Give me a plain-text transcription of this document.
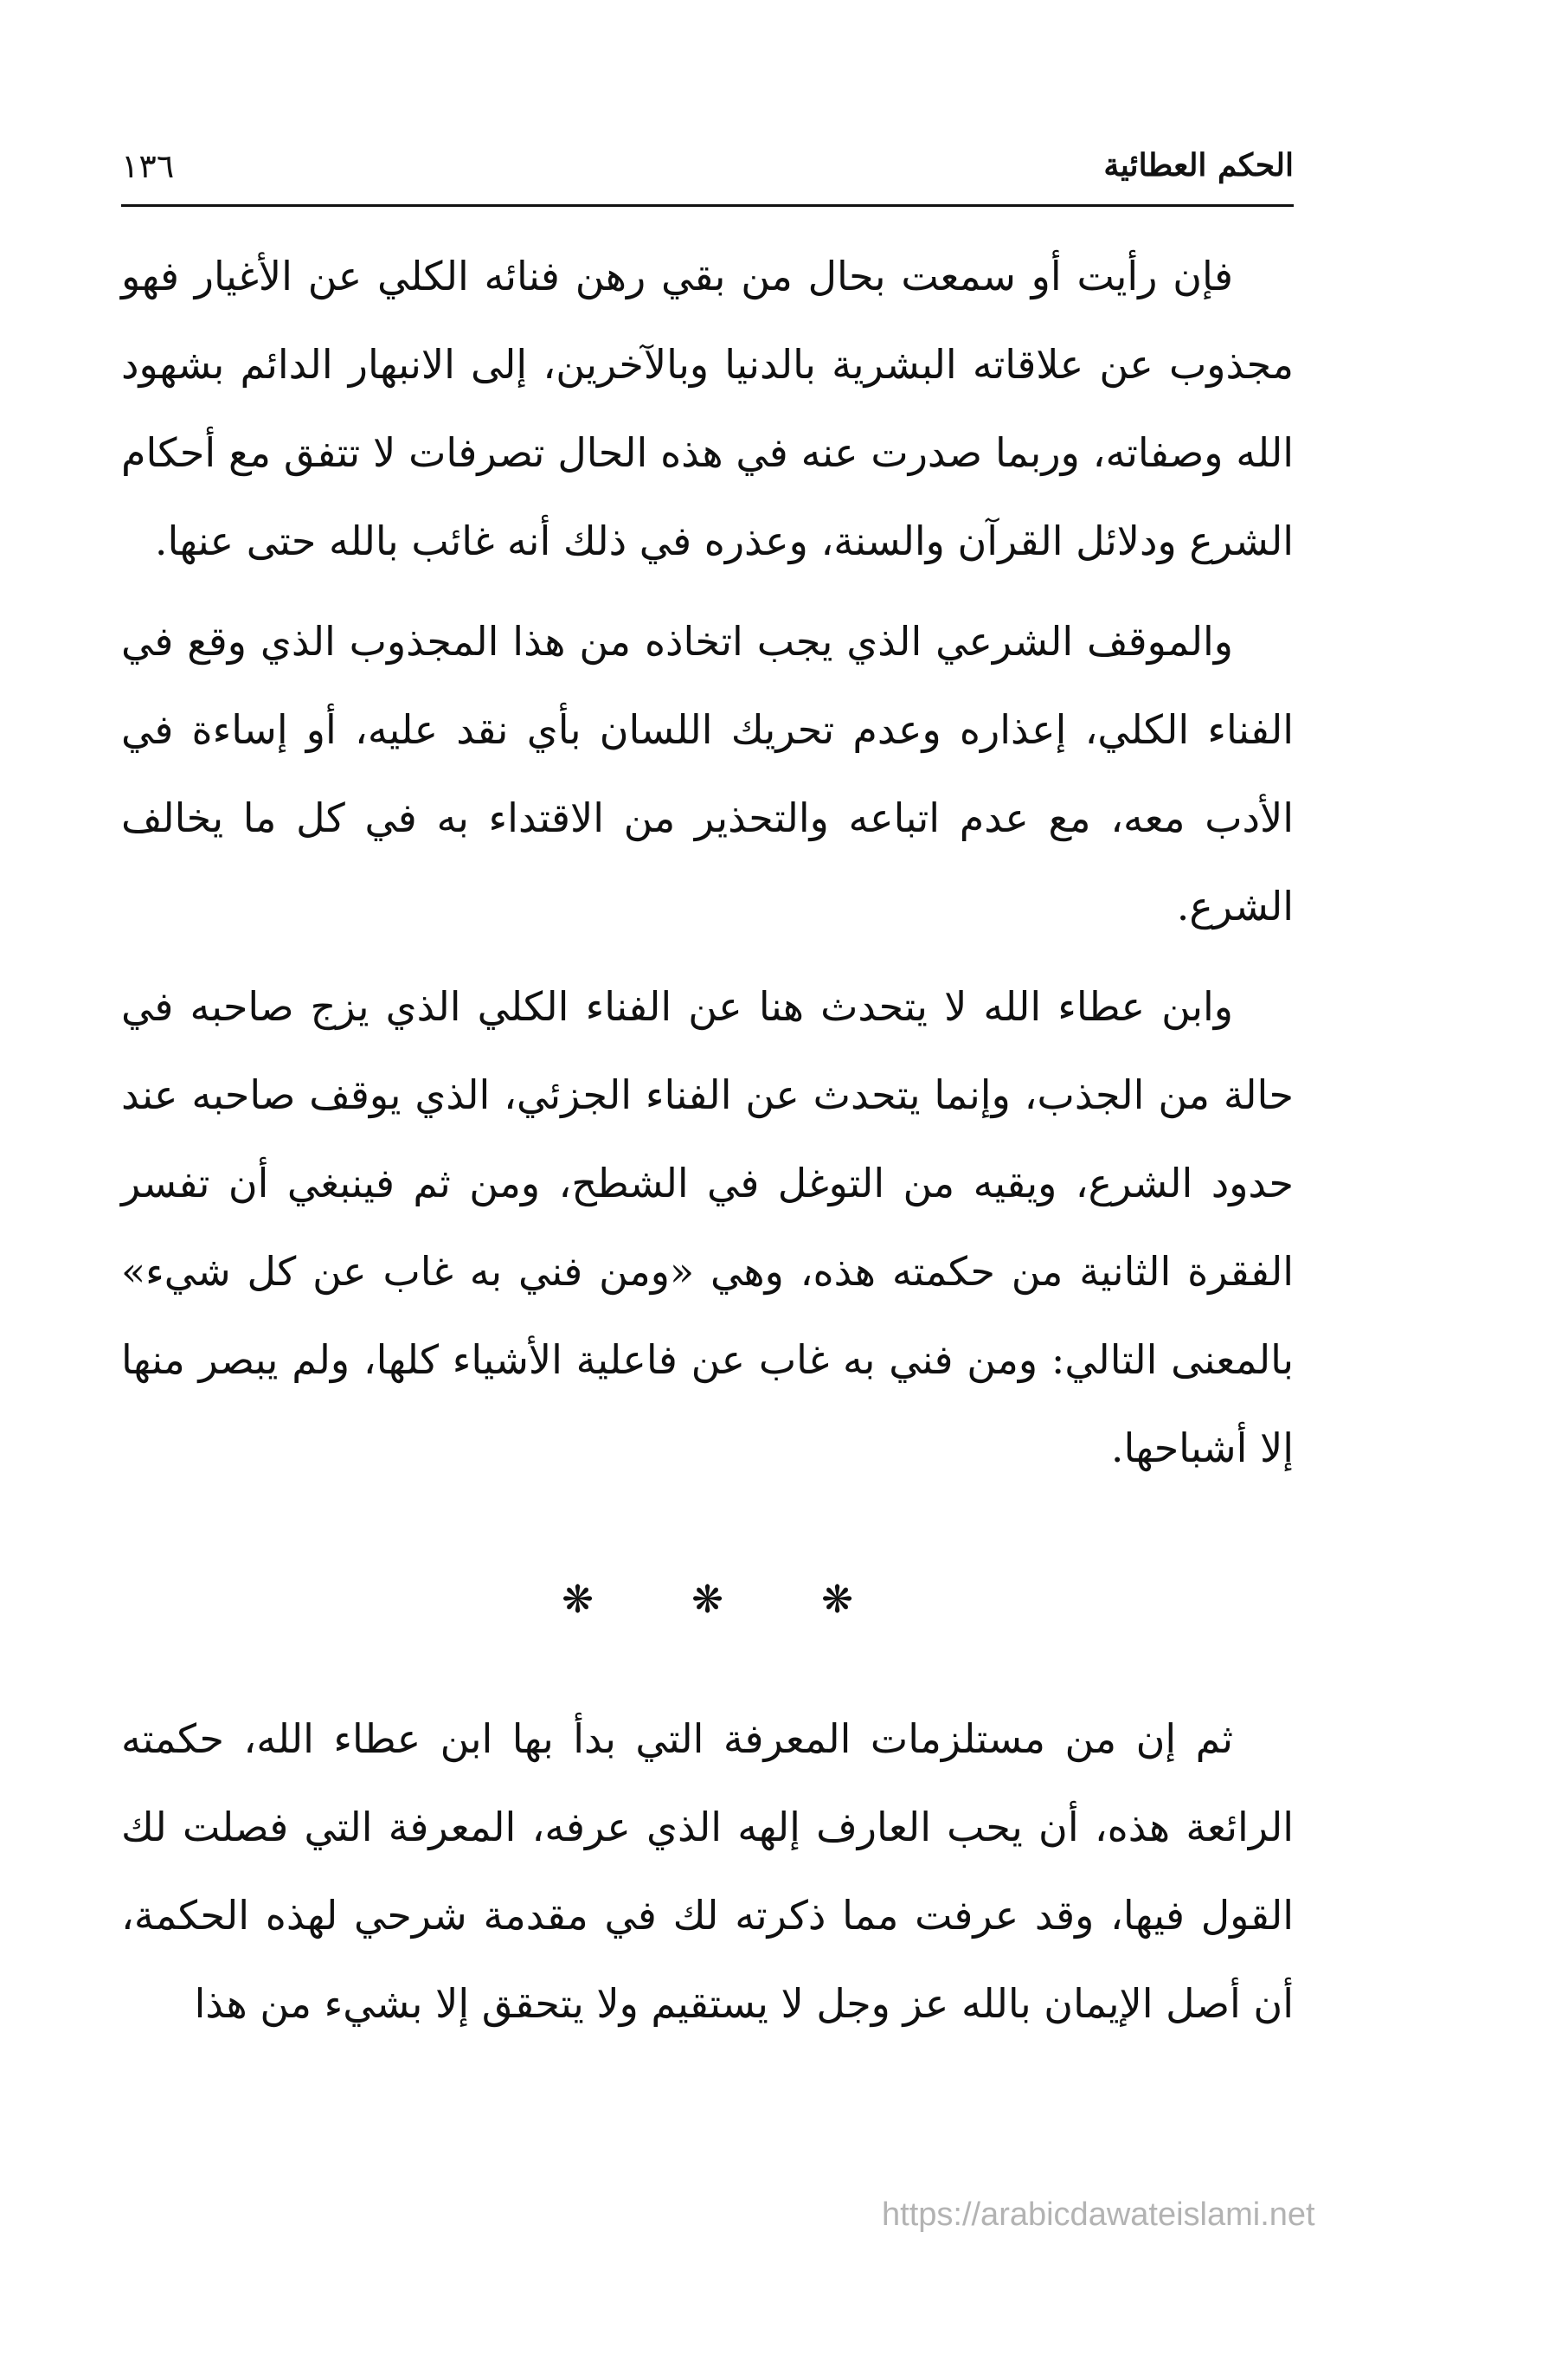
الحكم العطائية
١٣٦

فإن رأيت أو سمعت بحال من بقي رهن فنائه الكلي عن الأغيار فهو مجذوب عن علاقاته البشرية بالدنيا وبالآخرين، إلى الانبهار الدائم بشهود الله وصفاته، وربما صدرت عنه في هذه الحال تصرفات لا تتفق مع أحكام الشرع ودلائل القرآن والسنة، وعذره في ذلك أنه غائب بالله حتى عنها.

والموقف الشرعي الذي يجب اتخاذه من هذا المجذوب الذي وقع في الفناء الكلي، إعذاره وعدم تحريك اللسان بأي نقد عليه، أو إساءة في الأدب معه، مع عدم اتباعه والتحذير من الاقتداء به في كل ما يخالف الشرع.

وابن عطاء الله لا يتحدث هنا عن الفناء الكلي الذي يزج صاحبه في حالة من الجذب، وإنما يتحدث عن الفناء الجزئي، الذي يوقف صاحبه عند حدود الشرع، ويقيه من التوغل في الشطح، ومن ثم فينبغي أن تفسر الفقرة الثانية من حكمته هذه، وهي «ومن فني به غاب عن كل شيء» بالمعنى التالي: ومن فني به غاب عن فاعلية الأشياء كلها، ولم يبصر منها إلا أشباحها.

❋	❋	❋

ثم إن من مستلزمات المعرفة التي بدأ بها ابن عطاء الله، حكمته الرائعة هذه، أن يحب العارف إلهه الذي عرفه، المعرفة التي فصلت لك القول فيها، وقد عرفت مما ذكرته لك في مقدمة شرحي لهذه الحكمة، أن أصل الإيمان بالله عز وجل لا يستقيم ولا يتحقق إلا بشيء من هذا

https://arabicdawateislami.net
